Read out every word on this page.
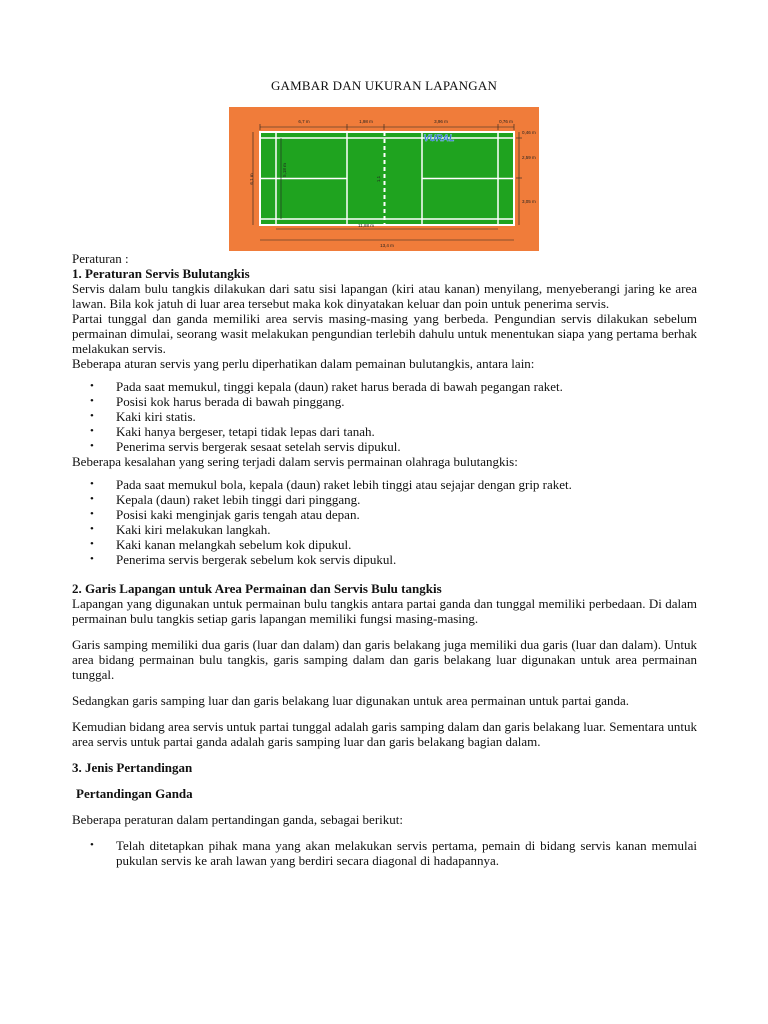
GAMBAR DAN UKURAN LAPANGAN
6,7 m	1,98 m	3,96 m	0,76 m
0,46 m
2,59 m
3,05 m
6,1 m
5,18 m
11,88 m
13,4 m
1,1
VURAL

Peraturan :

1. Peraturan Servis Bulutangkis

Servis dalam bulu tangkis dilakukan dari satu sisi lapangan (kiri atau kanan) menyilang, menyeberangi jaring ke area lawan. Bila kok jatuh di luar area tersebut maka kok dinyatakan keluar dan poin untuk penerima servis.

Partai tunggal dan ganda memiliki area servis masing-masing yang berbeda. Pengundian servis dilakukan sebelum permainan dimulai, seorang wasit melakukan pengundian terlebih dahulu untuk menentukan siapa yang pertama berhak melakukan servis.

Beberapa aturan servis yang perlu diperhatikan dalam pemainan bulutangkis, antara lain:

• Pada saat memukul, tinggi kepala (daun) raket harus berada di bawah pegangan raket.
• Posisi kok harus berada di bawah pinggang.
• Kaki kiri statis.
• Kaki hanya bergeser, tetapi tidak lepas dari tanah.
• Penerima servis bergerak sesaat setelah servis dipukul.

Beberapa kesalahan yang sering terjadi dalam servis permainan olahraga bulutangkis:

• Pada saat memukul bola, kepala (daun) raket lebih tinggi atau sejajar dengan grip raket.
• Kepala (daun) raket lebih tinggi dari pinggang.
• Posisi kaki menginjak garis tengah atau depan.
• Kaki kiri melakukan langkah.
• Kaki kanan melangkah sebelum kok dipukul.
• Penerima servis bergerak sebelum kok servis dipukul.
2. Garis Lapangan untuk Area Permainan dan Servis Bulu tangkis

Lapangan yang digunakan untuk permainan bulu tangkis antara partai ganda dan tunggal memiliki perbedaan. Di dalam permainan bulu tangkis setiap garis lapangan memiliki fungsi masing-masing.

Garis samping memiliki dua garis (luar dan dalam) dan garis belakang juga memiliki dua garis (luar dan dalam). Untuk area bidang permainan bulu tangkis, garis samping dalam dan garis belakang luar digunakan untuk area permainan tunggal.

Sedangkan garis samping luar dan garis belakang luar digunakan untuk area permainan untuk partai ganda.

Kemudian bidang area servis untuk partai tunggal adalah garis samping dalam dan garis belakang luar. Sementara untuk area servis untuk partai ganda adalah garis samping luar dan garis belakang bagian dalam.

3. Jenis Pertandingan
Pertandingan Ganda

Beberapa peraturan dalam pertandingan ganda, sebagai berikut:

• Telah ditetapkan pihak mana yang akan melakukan servis pertama, pemain di bidang servis kanan memulai pukulan servis ke arah lawan yang berdiri secara diagonal di hadapannya.
